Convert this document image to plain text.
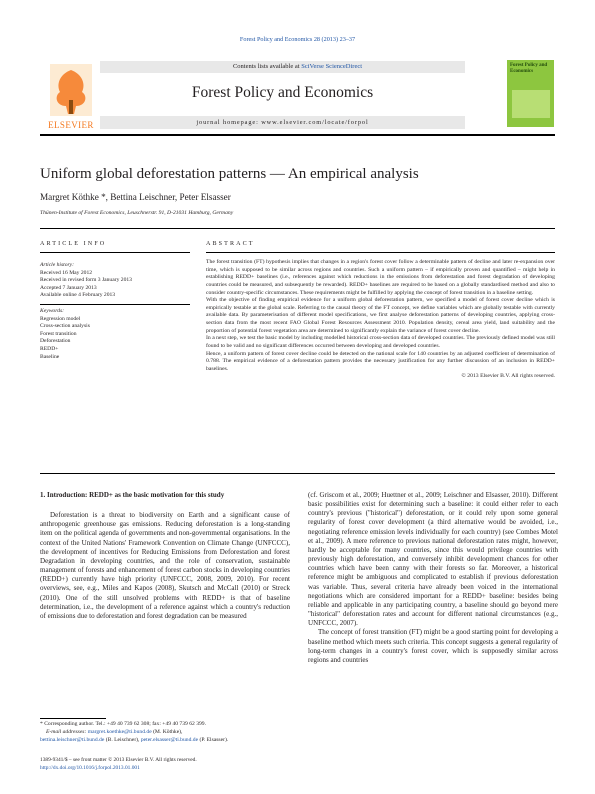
Forest Policy and Economics 28 (2013) 23–37
Contents lists available at SciVerse ScienceDirect
ELSEVIER
Forest Policy and Economics
journal homepage: www.elsevier.com/locate/forpol
Forest Policy and Economics
Uniform global deforestation patterns — An empirical analysis
Margret Köthke *, Bettina Leischner, Peter Elsasser
Thünen-Institute of Forest Economics, Leuschnerstr. 91, D-21031 Hamburg, Germany
ARTICLE INFO	ABSTRACT
Article history:
Received 16 May 2012
Received in revised form 3 January 2013
Accepted 7 January 2013
Available online 4 February 2013
Keywords:
Regression model
Cross-section analysis
Forest transition
Deforestation
REDD+
Baseline

The forest transition (FT) hypothesis implies that changes in a region's forest cover follow a determinable pattern of decline and later re-expansion over time, which is supposed to be similar across regions and countries. Such a uniform pattern – if empirically proven and quantified – might help in establishing REDD+ baselines (i.e., references against which reductions in the emissions from deforestation and forest degradation of developing countries could be measured, and subsequently be rewarded). REDD+ baselines are required to be based on a globally standardised method and also to consider country-specific circumstances. These requirements might be fulfilled by applying the concept of forest transition in a baseline setting.

With the objective of finding empirical evidence for a uniform global deforestation pattern, we specified a model of forest cover decline which is empirically testable at the global scale. Referring to the causal theory of the FT concept, we define variables which are globally testable with currently available data. By parameterisation of different model specifications, we first analyse deforestation patterns of developing countries, applying cross-section data from the most recent FAO Global Forest Resources Assessment 2010. Population density, cereal area yield, land suitability and the proportion of potential forest vegetation area are determined to significantly explain the variance of forest cover decline.

In a next step, we test the basic model by including modelled historical cross-section data of developed countries. The previously defined model was still found to be valid and no significant differences occurred between developing and developed countries.

Hence, a uniform pattern of forest cover decline could be detected on the national scale for 140 countries by an adjusted coefficient of determination of 0.788. The empirical evidence of a deforestation pattern provides the necessary justification for any further discussion of an inclusion in REDD+ baselines.

© 2013 Elsevier B.V. All rights reserved.

1. Introduction: REDD+ as the basic motivation for this study

Deforestation is a threat to biodiversity on Earth and a significant cause of anthropogenic greenhouse gas emissions. Reducing deforestation is a long-standing item on the political agenda of governments and non-governmental organisations. In the context of the United Nations' Framework Convention on Climate Change (UNFCCC), the development of incentives for Reducing Emissions from Deforestation and forest Degradation in developing countries, and the role of conservation, sustainable management of forests and enhancement of forest carbon stocks in developing countries (REDD+) currently have high priority (UNFCCC, 2008, 2009, 2010). For recent overviews, see, e.g., Miles and Kapos (2008), Skutsch and McCall (2010) or Streck (2010). One of the still unsolved problems with REDD+ is that of baseline determination, i.e., the development of a reference against which a country's reduction of emissions due to deforestation and forest degradation can be measured

(cf. Griscom et al., 2009; Huettner et al., 2009; Leischner and Elsasser, 2010). Different basic possibilities exist for determining such a baseline: it could either refer to each country's previous ("historical") deforestation, or it could rely upon some general regularity of forest cover development (a third alternative would be avoided, i.e., negotiating reference emission levels individually for each country) (see Combes Motel et al., 2009). A mere reference to previous national deforestation rates might, however, hardly be acceptable for many countries, since this would privilege countries with previously high deforestation, and conversely inhibit development chances for other countries which have been canny with their forests so far. Moreover, a historical reference might be ambiguous and complicated to establish if previous deforestation was variable. Thus, several criteria have already been voiced in the international negotiations which are considered important for a REDD+ baseline: besides being reliable and applicable in any participating country, a baseline should go beyond mere "historical" deforestation rates and account for different national circumstances (e.g., UNFCCC, 2007).

The concept of forest transition (FT) might be a good starting point for developing a baseline method which meets such criteria. This concept suggests a general regularity of long-term changes in a country's forest cover, which is supposedly similar across regions and countries

* Corresponding author. Tel.: +49 40 739 62 308; fax: +49 40 739 62 399.
E-mail addresses: margret.koethke@ti.bund.de (M. Köthke),
bettina.leischner@ti.bund.de (B. Leischner), peter.elsasser@ti.bund.de (P. Elsasser).
1389-9341/$ – see front matter © 2013 Elsevier B.V. All rights reserved.
http://dx.doi.org/10.1016/j.forpol.2013.01.001
